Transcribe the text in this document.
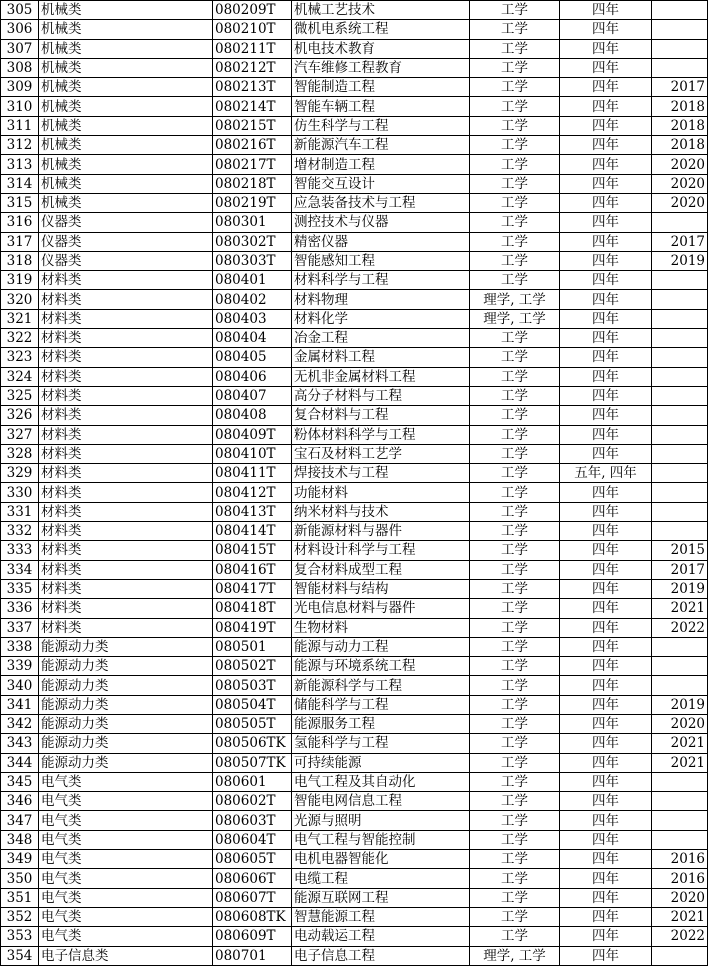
305	机械类	080209T	机械工艺技术	工学	四年	
306	机械类	080210T	微机电系统工程	工学	四年	
307	机械类	080211T	机电技术教育	工学	四年	
308	机械类	080212T	汽车维修工程教育	工学	四年	
309	机械类	080213T	智能制造工程	工学	四年	2017
310	机械类	080214T	智能车辆工程	工学	四年	2018
311	机械类	080215T	仿生科学与工程	工学	四年	2018
312	机械类	080216T	新能源汽车工程	工学	四年	2018
313	机械类	080217T	增材制造工程	工学	四年	2020
314	机械类	080218T	智能交互设计	工学	四年	2020
315	机械类	080219T	应急装备技术与工程	工学	四年	2020
316	仪器类	080301	测控技术与仪器	工学	四年	
317	仪器类	080302T	精密仪器	工学	四年	2017
318	仪器类	080303T	智能感知工程	工学	四年	2019
319	材料类	080401	材料科学与工程	工学	四年	
320	材料类	080402	材料物理	理学, 工学	四年	
321	材料类	080403	材料化学	理学, 工学	四年	
322	材料类	080404	冶金工程	工学	四年	
323	材料类	080405	金属材料工程	工学	四年	
324	材料类	080406	无机非金属材料工程	工学	四年	
325	材料类	080407	高分子材料与工程	工学	四年	
326	材料类	080408	复合材料与工程	工学	四年	
327	材料类	080409T	粉体材料科学与工程	工学	四年	
328	材料类	080410T	宝石及材料工艺学	工学	四年	
329	材料类	080411T	焊接技术与工程	工学	五年, 四年	
330	材料类	080412T	功能材料	工学	四年	
331	材料类	080413T	纳米材料与技术	工学	四年	
332	材料类	080414T	新能源材料与器件	工学	四年	
333	材料类	080415T	材料设计科学与工程	工学	四年	2015
334	材料类	080416T	复合材料成型工程	工学	四年	2017
335	材料类	080417T	智能材料与结构	工学	四年	2019
336	材料类	080418T	光电信息材料与器件	工学	四年	2021
337	材料类	080419T	生物材料	工学	四年	2022
338	能源动力类	080501	能源与动力工程	工学	四年	
339	能源动力类	080502T	能源与环境系统工程	工学	四年	
340	能源动力类	080503T	新能源科学与工程	工学	四年	
341	能源动力类	080504T	储能科学与工程	工学	四年	2019
342	能源动力类	080505T	能源服务工程	工学	四年	2020
343	能源动力类	080506TK	氢能科学与工程	工学	四年	2021
344	能源动力类	080507TK	可持续能源	工学	四年	2021
345	电气类	080601	电气工程及其自动化	工学	四年	
346	电气类	080602T	智能电网信息工程	工学	四年	
347	电气类	080603T	光源与照明	工学	四年	
348	电气类	080604T	电气工程与智能控制	工学	四年	
349	电气类	080605T	电机电器智能化	工学	四年	2016
350	电气类	080606T	电缆工程	工学	四年	2016
351	电气类	080607T	能源互联网工程	工学	四年	2020
352	电气类	080608TK	智慧能源工程	工学	四年	2021
353	电气类	080609T	电动载运工程	工学	四年	2022
354	电子信息类	080701	电子信息工程	理学, 工学	四年	
